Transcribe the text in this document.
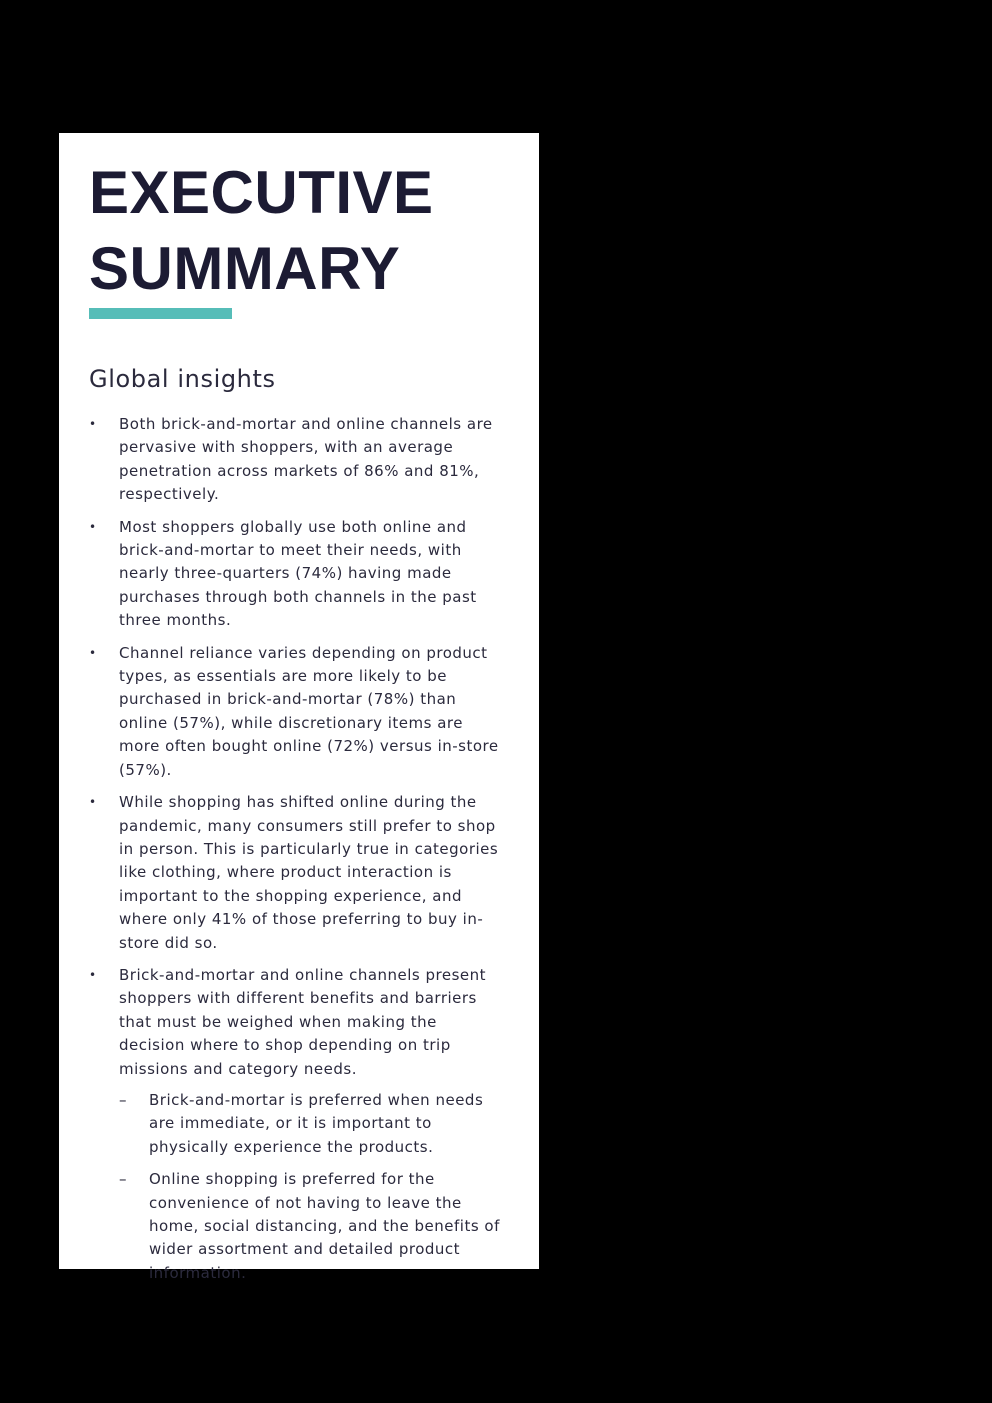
EXECUTIVE
SUMMARY
Global insights
•	Both brick-and-mortar and online channels are pervasive with shoppers, with an average penetration across markets of 86% and 81%, respectively.
•	Most shoppers globally use both online and brick-and-mortar to meet their needs, with nearly three-quarters (74%) having made purchases through both channels in the past three months.
•	Channel reliance varies depending on product types, as essentials are more likely to be purchased in brick-and-mortar (78%) than online (57%), while discretionary items are more often bought online (72%) versus in-store (57%).
•	While shopping has shifted online during the pandemic, many consumers still prefer to shop in person. This is particularly true in categories like clothing, where product interaction is important to the shopping experience, and where only 41% of those preferring to buy in-store did so.
•	Brick-and-mortar and online channels present shoppers with different benefits and barriers that must be weighed when making the decision where to shop depending on trip missions and category needs.
–	Brick-and-mortar is preferred when needs are immediate, or it is important to physically experience the products.
–	Online shopping is preferred for the convenience of not having to leave the home, social distancing, and the benefits of wider assortment and detailed product information.
